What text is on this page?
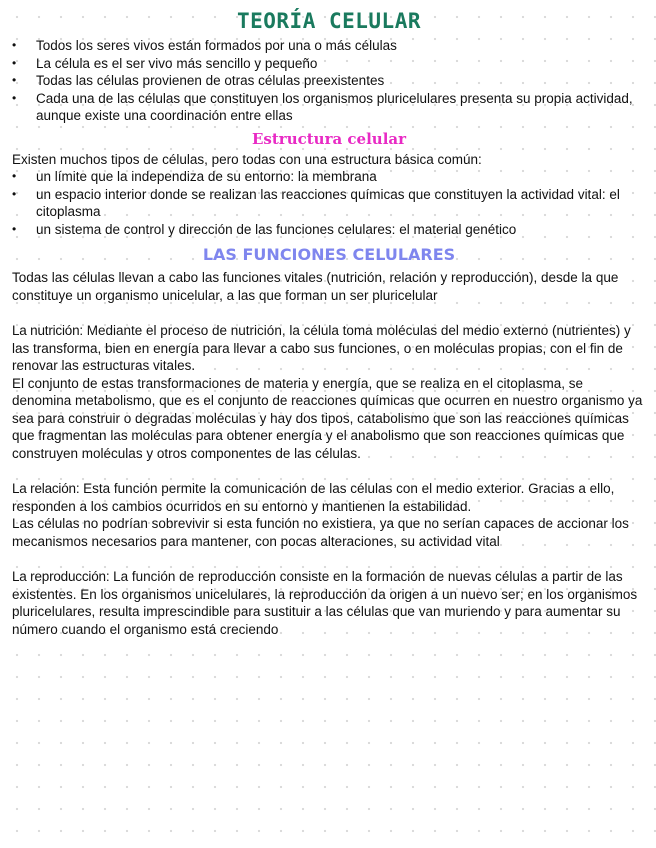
TEORÍA CELULAR
• Todos los seres vivos están formados por una o más células
• La célula es el ser vivo más sencillo y pequeño
• Todas las células provienen de otras células preexistentes
• Cada una de las células que constituyen los organismos pluricelulares presenta su propia actividad, aunque existe una coordinación entre ellas
Estructura celular

Existen muchos tipos de células, pero todas con una estructura básica común:

• un límite que la independiza de su entorno: la membrana
• un espacio interior donde se realizan las reacciones químicas que constituyen la actividad vital: el citoplasma
• un sistema de control y dirección de las funciones celulares: el material genético
LAS FUNCIONES CELULARES

Todas las células llevan a cabo las funciones vitales (nutrición, relación y reproducción), desde la que constituye un organismo unicelular, a las que forman un ser pluricelular

La nutrición: Mediante el proceso de nutrición, la célula toma moléculas del medio externo (nutrientes) y las transforma, bien en energía para llevar a cabo sus funciones, o en moléculas propias, con el fin de renovar las estructuras vitales.

El conjunto de estas transformaciones de materia y energía, que se realiza en el citoplasma, se denomina metabolismo, que es el conjunto de reacciones químicas que ocurren en nuestro organismo ya sea para construir o degradas moléculas y hay dos tipos, catabolismo que son las reacciones químicas que fragmentan las moléculas para obtener energía y el anabolismo que son reacciones químicas que construyen moléculas y otros componentes de las células.

La relación: Esta función permite la comunicación de las células con el medio exterior. Gracias a ello, responden a los cambios ocurridos en su entorno y mantienen la estabilidad.

Las células no podrían sobrevivir si esta función no existiera, ya que no serían capaces de accionar los mecanismos necesarios para mantener, con pocas alteraciones, su actividad vital

La reproducción: La función de reproducción consiste en la formación de nuevas células a partir de las existentes. En los organismos unicelulares, la reproducción da origen a un nuevo ser; en los organismos pluricelulares, resulta imprescindible para sustituir a las células que van muriendo y para aumentar su número cuando el organismo está creciendo
